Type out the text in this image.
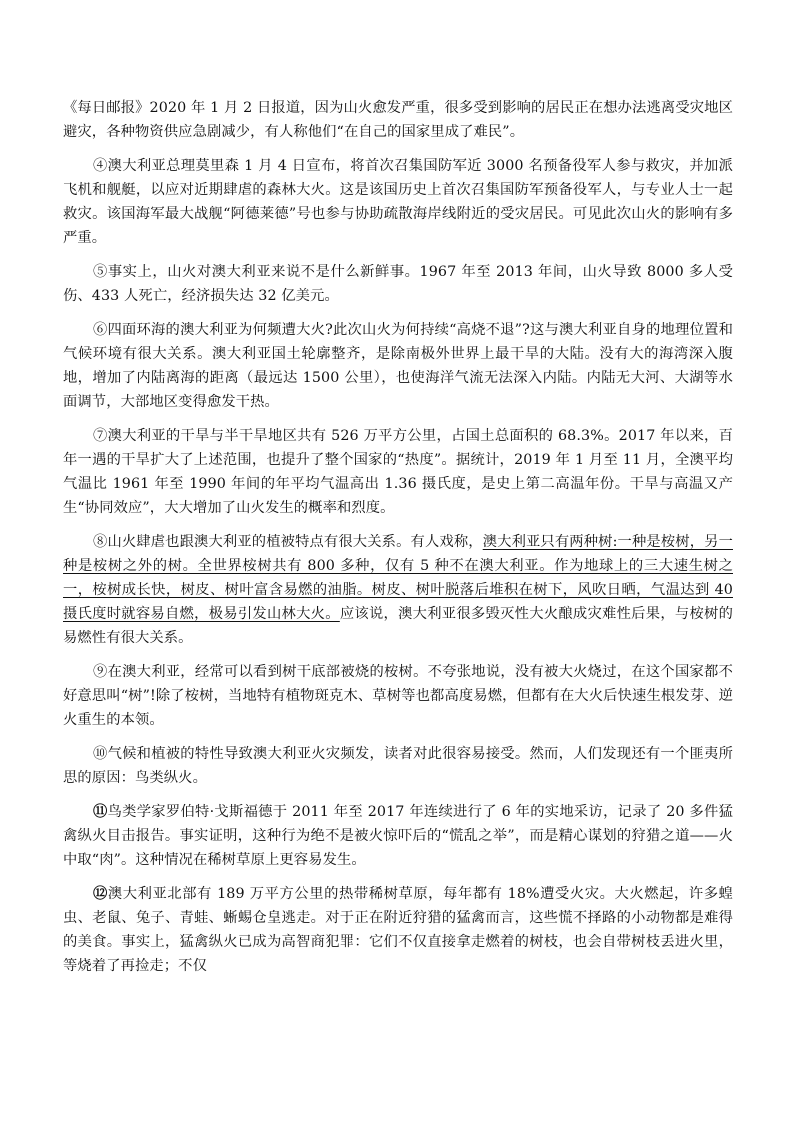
《每日邮报》2020 年 1 月 2 日报道，因为山火愈发严重，很多受到影响的居民正在想办法逃离受灾地区避灾，各种物资供应急剧减少，有人称他们“在自己的国家里成了难民”。

④澳大利亚总理莫里森 1 月 4 日宣布，将首次召集国防军近 3000 名预备役军人参与救灾，并加派飞机和舰艇，以应对近期肆虐的森林大火。这是该国历史上首次召集国防军预备役军人，与专业人士一起救灾。该国海军最大战舰“阿德莱德”号也参与协助疏散海岸线附近的受灾居民。可见此次山火的影响有多严重。

⑤事实上，山火对澳大利亚来说不是什么新鲜事。1967 年至 2013 年间，山火导致 8000 多人受伤、433 人死亡，经济损失达 32 亿美元。

⑥四面环海的澳大利亚为何频遭大火?此次山火为何持续“高烧不退”?这与澳大利亚自身的地理位置和气候环境有很大关系。澳大利亚国土轮廓整齐，是除南极外世界上最干旱的大陆。没有大的海湾深入腹地，增加了内陆离海的距离（最远达 1500 公里），也使海洋气流无法深入内陆。内陆无大河、大湖等水面调节，大部地区变得愈发干热。

⑦澳大利亚的干旱与半干旱地区共有 526 万平方公里，占国土总面积的 68.3%。2017 年以来，百年一遇的干旱扩大了上述范围，也提升了整个国家的“热度”。据统计，2019 年 1 月至 11 月，全澳平均气温比 1961 年至 1990 年间的年平均气温高出 1.36 摄氏度，是史上第二高温年份。干旱与高温又产生“协同效应”，大大增加了山火发生的概率和烈度。

⑧山火肆虐也跟澳大利亚的植被特点有很大关系。有人戏称，澳大利亚只有两种树:一种是桉树，另一种是桉树之外的树。全世界桉树共有 800 多种，仅有 5 种不在澳大利亚。作为地球上的三大速生树之一，桉树成长快，树皮、树叶富含易燃的油脂。树皮、树叶脱落后堆积在树下，风吹日晒，气温达到 40 摄氏度时就容易自燃，极易引发山林大火。应该说，澳大利亚很多毁灭性大火酿成灾难性后果，与桉树的易燃性有很大关系。

⑨在澳大利亚，经常可以看到树干底部被烧的桉树。不夸张地说，没有被大火烧过，在这个国家都不好意思叫“树”!除了桉树，当地特有植物斑克木、草树等也都高度易燃，但都有在大火后快速生根发芽、逆火重生的本领。

⑩气候和植被的特性导致澳大利亚火灾频发，读者对此很容易接受。然而，人们发现还有一个匪夷所思的原因：鸟类纵火。

⑪鸟类学家罗伯特·戈斯福德于 2011 年至 2017 年连续进行了 6 年的实地采访，记录了 20 多件猛禽纵火目击报告。事实证明，这种行为绝不是被火惊吓后的“慌乱之举”，而是精心谋划的狩猎之道——火中取“肉”。这种情况在稀树草原上更容易发生。

⑫澳大利亚北部有 189 万平方公里的热带稀树草原，每年都有 18%遭受火灾。大火燃起，许多蝗虫、老鼠、兔子、青蛙、蜥蜴仓皇逃走。对于正在附近狩猎的猛禽而言，这些慌不择路的小动物都是难得的美食。事实上，猛禽纵火已成为高智商犯罪：它们不仅直接拿走燃着的树枝，也会自带树枝丢进火里，等烧着了再捡走；不仅
